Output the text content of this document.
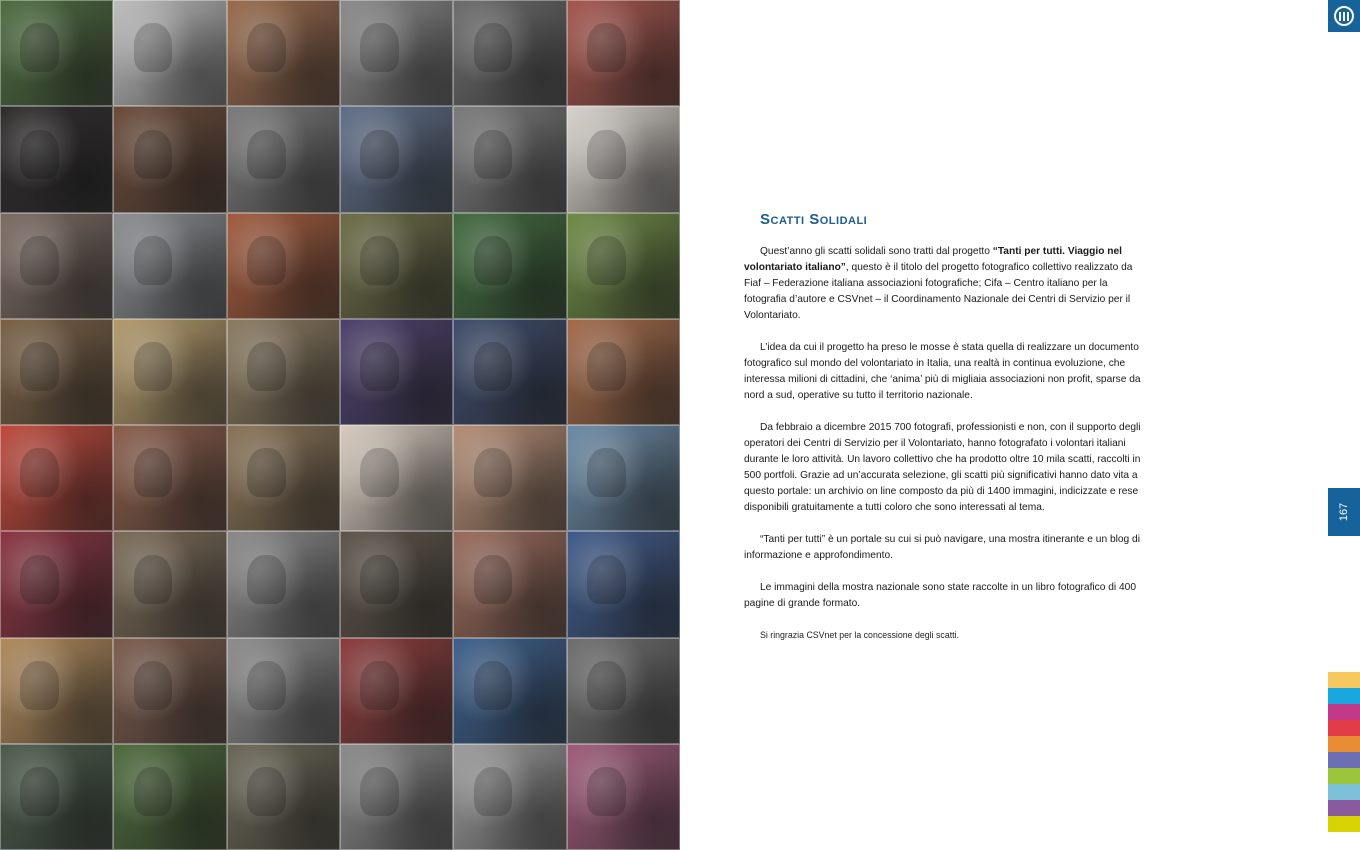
Scatti Solidali

Quest’anno gli scatti solidali sono tratti dal progetto “Tanti per tutti. Viaggio nel volontariato italiano”, questo è il titolo del progetto fotografico collettivo realizzato da Fiaf – Federazione italiana associazioni fotografiche; Cifa – Centro italiano per la fotografia d’autore e CSVnet – il Coordinamento Nazionale dei Centri di Servizio per il Volontariato.

L’idea da cui il progetto ha preso le mosse è stata quella di realizzare un documento fotografico sul mondo del volontariato in Italia, una realtà in continua evoluzione, che interessa milioni di cittadini, che ‘anima’ più di migliaia associazioni non profit, sparse da nord a sud, operative su tutto il territorio nazionale.

Da febbraio a dicembre 2015 700 fotografi, professionisti e non, con il supporto degli operatori dei Centri di Servizio per il Volontariato, hanno fotografato i volontari italiani durante le loro attività. Un lavoro collettivo che ha prodotto oltre 10 mila scatti, raccolti in 500 portfoli. Grazie ad un’accurata selezione, gli scatti più significativi hanno dato vita a questo portale: un archivio on line composto da più di 1400 immagini, indicizzate e rese disponibili gratuitamente a tutti coloro che sono interessati al tema.

“Tanti per tutti” è un portale su cui si può navigare, una mostra itinerante e un blog di informazione e approfondimento.

Le immagini della mostra nazionale sono state raccolte in un libro fotografico di 400 pagine di grande formato.

Si ringrazia CSVnet per la concessione degli scatti.
167
